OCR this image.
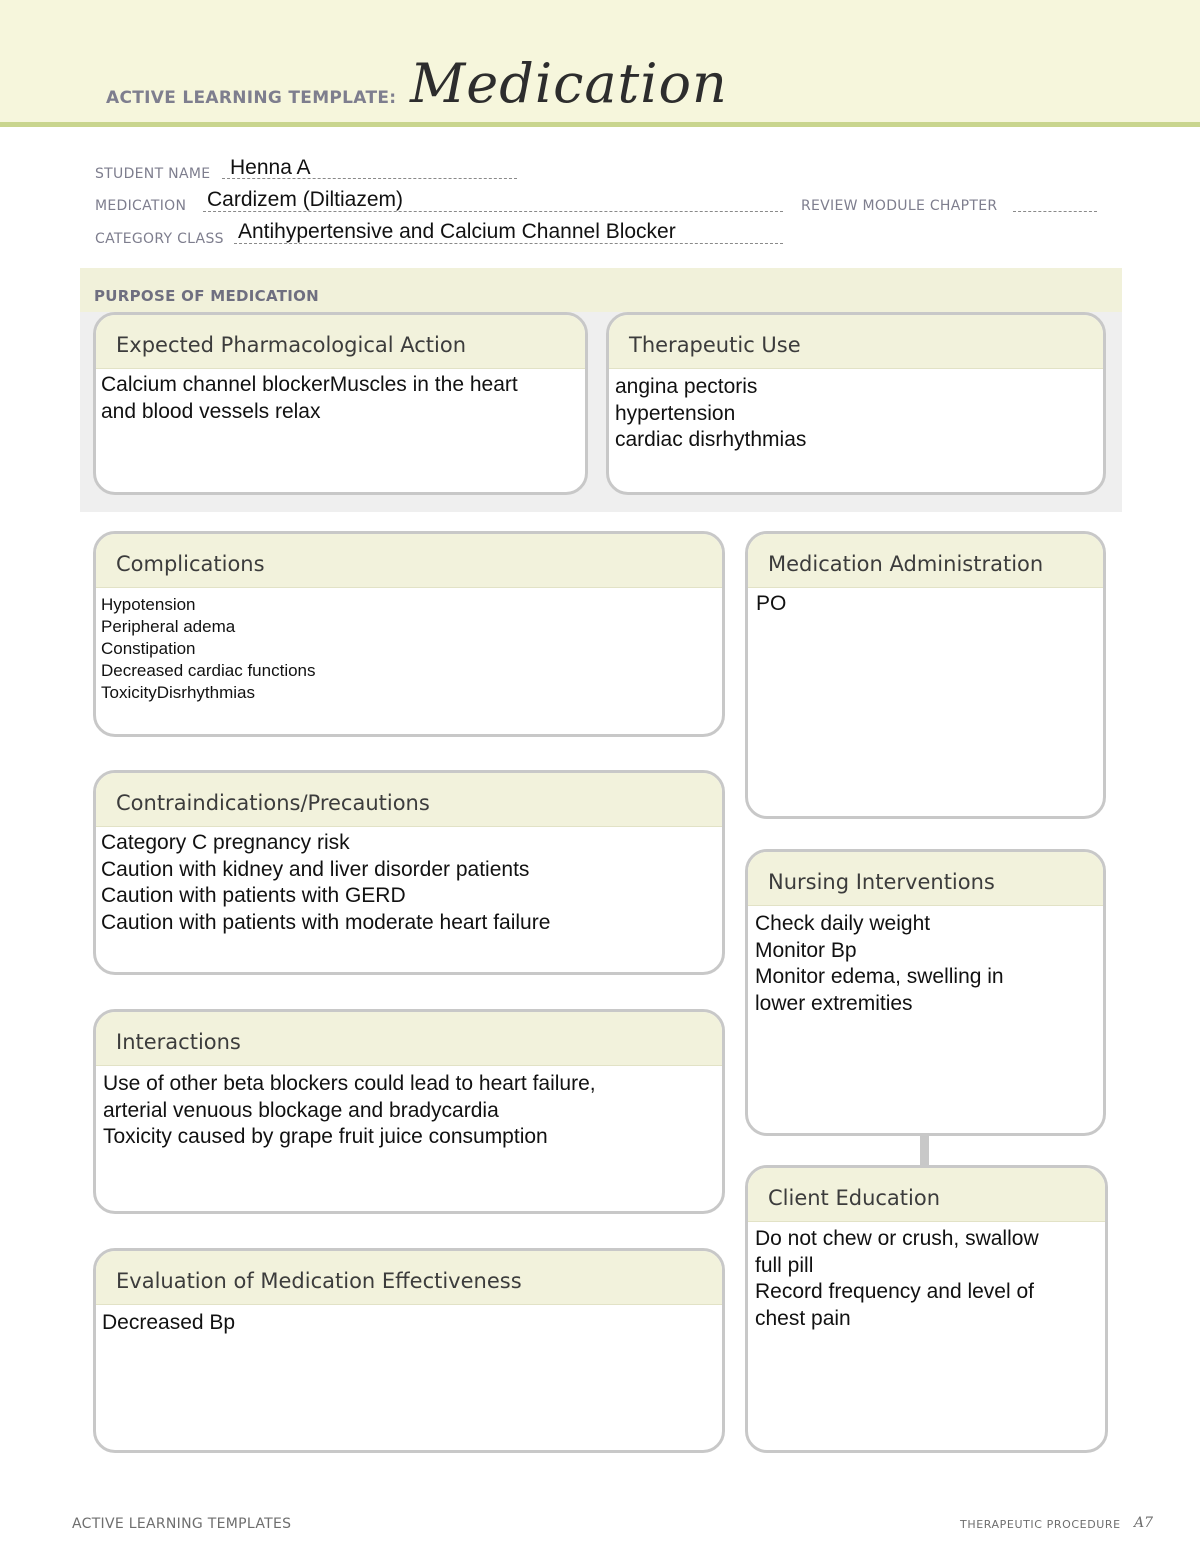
ACTIVE LEARNING TEMPLATE: Medication
STUDENT NAME Henna A
MEDICATION Cardizem (Diltiazem)	REVIEW MODULE CHAPTER
CATEGORY CLASS Antihypertensive and Calcium Channel Blocker
PURPOSE OF MEDICATION
Expected Pharmacological Action
Calcium channel blockerMuscles in the heart
and blood vessels relax
Therapeutic Use
angina pectoris
hypertension
cardiac disrhythmias
Complications
Hypotension
Peripheral adema
Constipation
Decreased cardiac functions
ToxicityDisrhythmias
Medication Administration
PO
Contraindications/Precautions
Category C pregnancy risk
Caution with kidney and liver disorder patients
Caution with patients with GERD
Caution with patients with moderate heart failure
Nursing Interventions
Check daily weight
Monitor Bp
Monitor edema, swelling in
lower extremities
Interactions
Use of other beta blockers could lead to heart failure,
arterial venuous blockage and bradycardia
Toxicity caused by grape fruit juice consumption
Client Education
Do not chew or crush, swallow
full pill
Record frequency and level of
chest pain
Evaluation of Medication Effectiveness
Decreased Bp
ACTIVE LEARNING TEMPLATES	THERAPEUTIC PROCEDURE A7
